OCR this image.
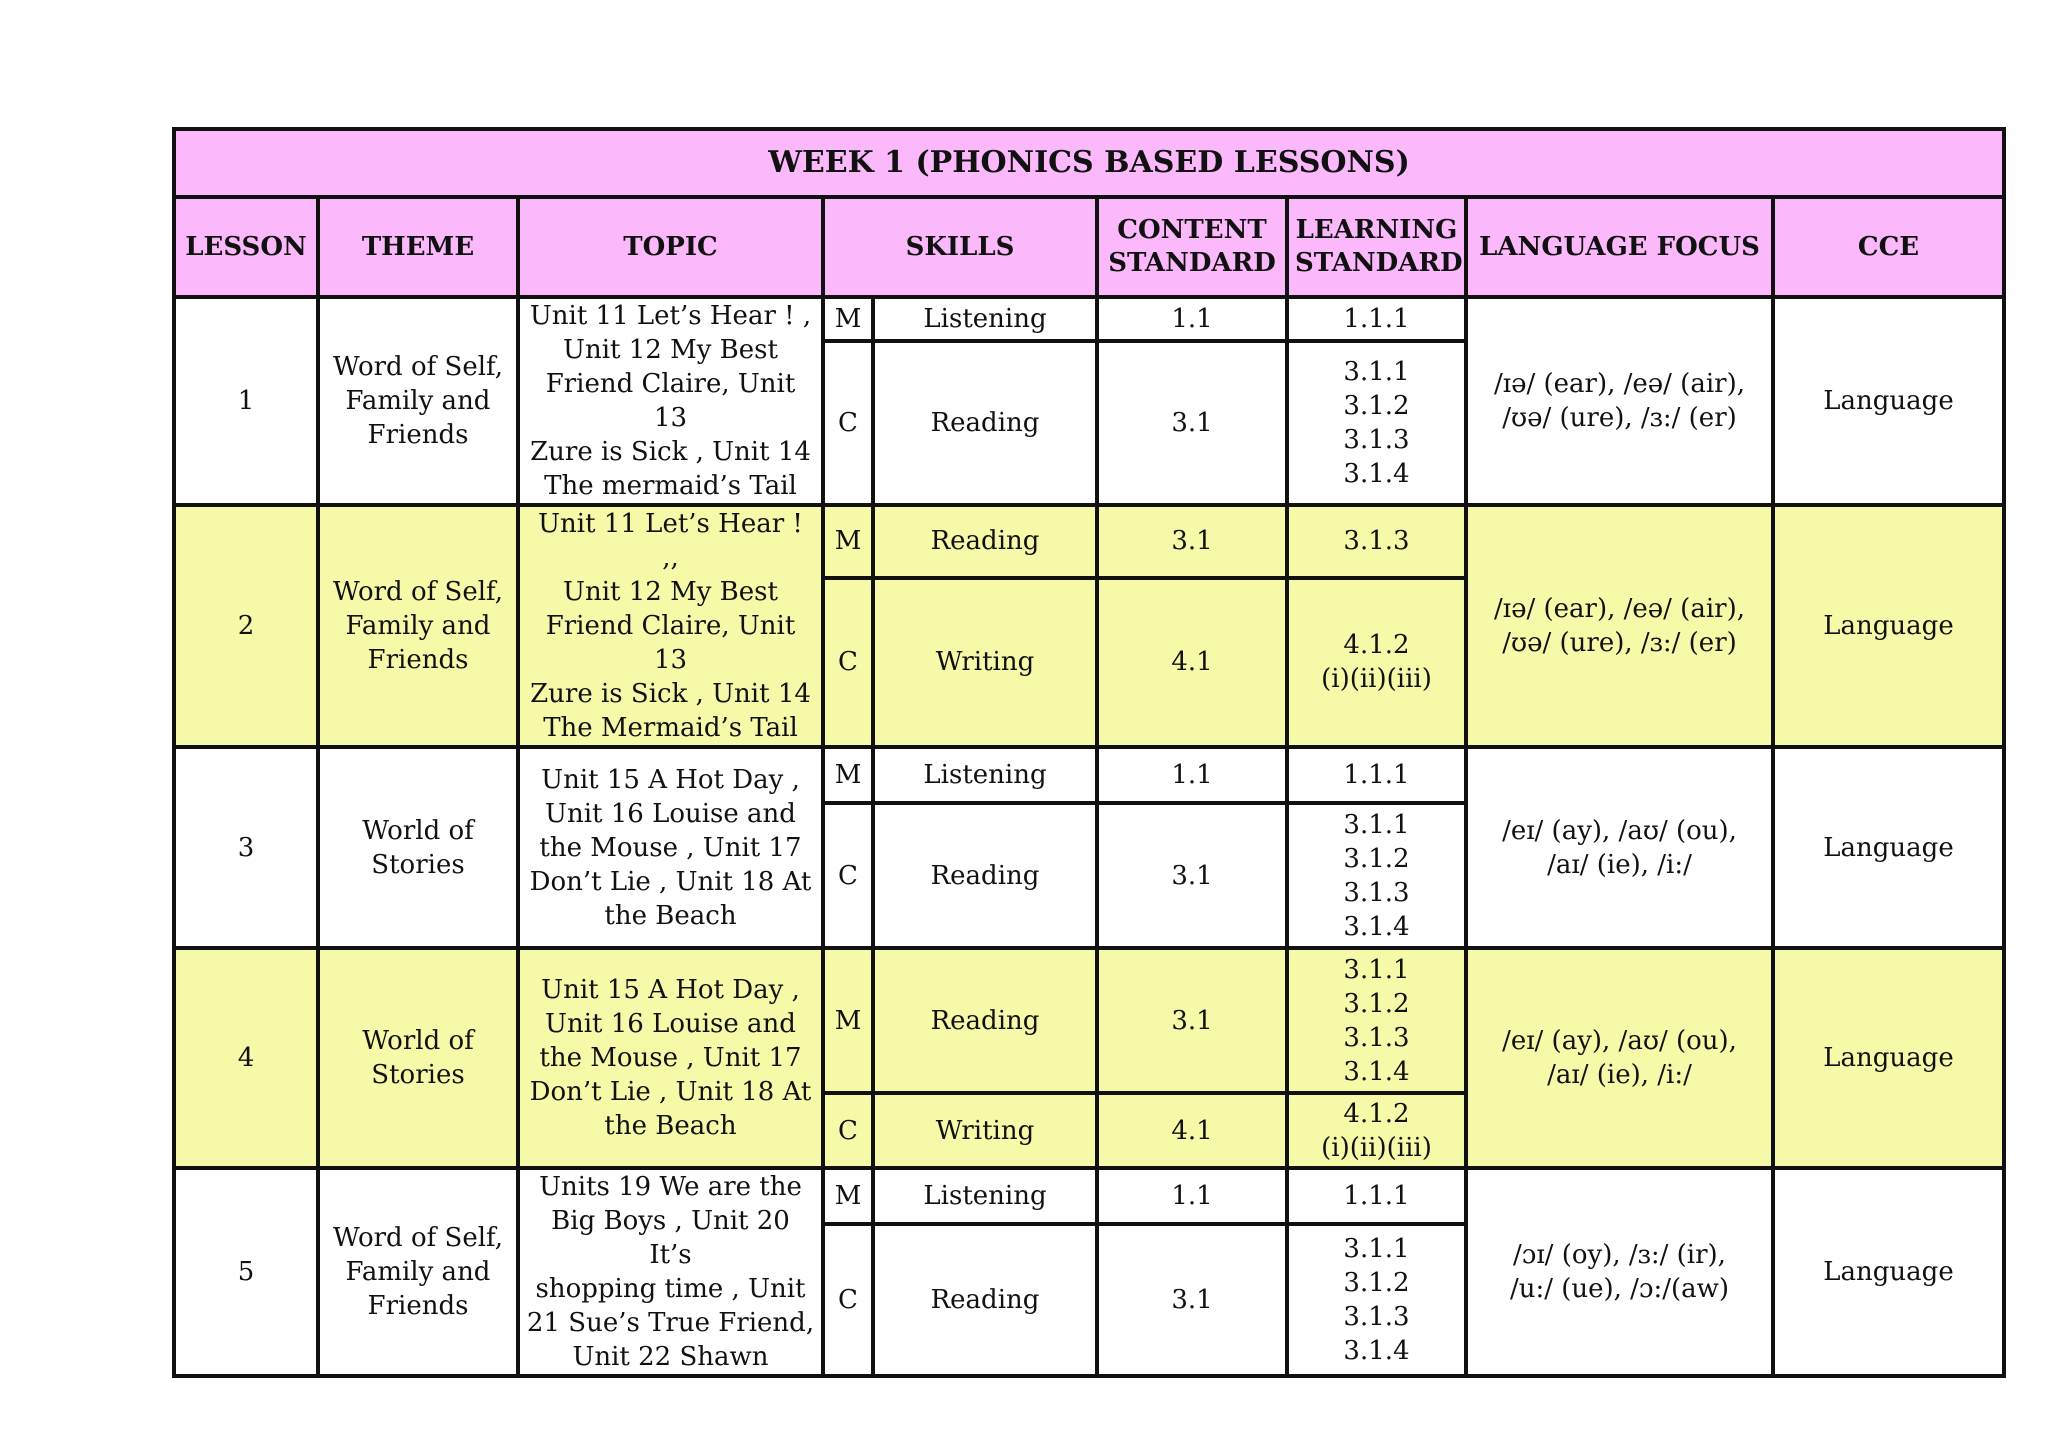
WEEK 1 (PHONICS BASED LESSONS)								
LESSON	THEME	TOPIC	SKILLS		CONTENT
STANDARD	LEARNING
STANDARD	LANGUAGE FOCUS	CCE
1	Word of Self,
Family and
Friends	Unit 11 Let’s Hear ! ,
Unit 12 My Best
Friend Claire, Unit 13
Zure is Sick , Unit 14
The mermaid’s Tail	M	Listening	1.1	1.1.1	/ɪə/ (ear), /eə/ (air),
/ʊə/ (ure), /ɜ:/ (er)	Language
			C	Reading	3.1	3.1.1
3.1.2
3.1.3
3.1.4		
2	Word of Self,
Family and
Friends	Unit 11 Let’s Hear ! ,,
Unit 12 My Best
Friend Claire, Unit 13
Zure is Sick , Unit 14
The Mermaid’s Tail	M	Reading	3.1	3.1.3	/ɪə/ (ear), /eə/ (air),
/ʊə/ (ure), /ɜ:/ (er)	Language
			C	Writing	4.1	4.1.2
(i)(ii)(iii)		
3	World of
Stories	Unit 15 A Hot Day ,
Unit 16 Louise and
the Mouse , Unit 17
Don’t Lie , Unit 18 At
the Beach	M	Listening	1.1	1.1.1	/eɪ/ (ay), /aʊ/ (ou),
/aɪ/ (ie), /i:/	Language
			C	Reading	3.1	3.1.1
3.1.2
3.1.3
3.1.4		
4	World of
Stories	Unit 15 A Hot Day ,
Unit 16 Louise and
the Mouse , Unit 17
Don’t Lie , Unit 18 At
the Beach	M	Reading	3.1	3.1.1
3.1.2
3.1.3
3.1.4	/eɪ/ (ay), /aʊ/ (ou),
/aɪ/ (ie), /i:/	Language
			C	Writing	4.1	4.1.2
(i)(ii)(iii)		
5	Word of Self,
Family and
Friends	Units 19 We are the
Big Boys , Unit 20 It’s
shopping time , Unit
21 Sue’s True Friend,
Unit 22 Shawn	M	Listening	1.1	1.1.1	/ɔɪ/ (oy), /ɜ:/ (ir),
/u:/ (ue), /ɔ:/(aw)	Language
			C	Reading	3.1	3.1.1
3.1.2
3.1.3
3.1.4		
